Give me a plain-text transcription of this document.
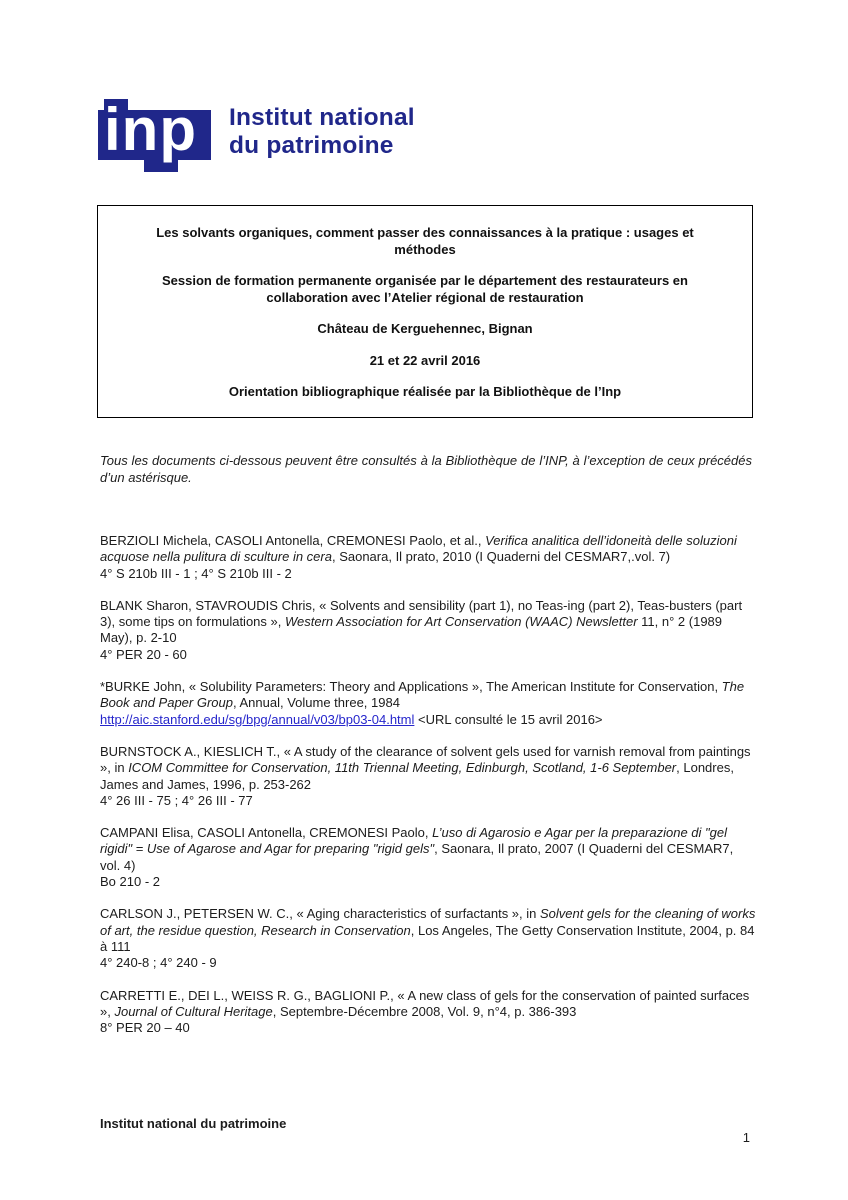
inp Institut national
du patrimoine

Les solvants organiques, comment passer des connaissances à la pratique : usages et méthodes

Session de formation permanente organisée par le département des restaurateurs en collaboration avec l’Atelier régional de restauration

Château de Kerguehennec, Bignan

21 et 22 avril 2016

Orientation bibliographique réalisée par la Bibliothèque de l’Inp

Tous les documents ci-dessous peuvent être consultés à la Bibliothèque de l’INP, à l’exception de ceux précédés d’un astérisque.
BERZIOLI Michela, CASOLI Antonella, CREMONESI Paolo, et al., Verifica analitica dell’idoneità delle soluzioni acquose nella pulitura di sculture in cera, Saonara, Il prato, 2010 (I Quaderni del CESMAR7,.vol. 7)
4° S 210b III - 1 ; 4° S 210b III - 2
BLANK Sharon, STAVROUDIS Chris, « Solvents and sensibility (part 1), no Teas-ing (part 2), Teas-busters (part 3), some tips on formulations », Western Association for Art Conservation (WAAC) Newsletter 11, n° 2 (1989 May), p. 2-10
4° PER 20 - 60
*BURKE John, « Solubility Parameters: Theory and Applications », The American Institute for Conservation, The Book and Paper Group, Annual, Volume three, 1984
http://aic.stanford.edu/sg/bpg/annual/v03/bp03-04.html <URL consulté le 15 avril 2016>
BURNSTOCK A., KIESLICH T., « A study of the clearance of solvent gels used for varnish removal from paintings », in ICOM Committee for Conservation, 11th Triennal Meeting, Edinburgh, Scotland, 1-6 September, Londres, James and James, 1996, p. 253-262
4° 26 III - 75 ; 4° 26 III - 77
CAMPANI Elisa, CASOLI Antonella, CREMONESI Paolo, L’uso di Agarosio e Agar per la preparazione di "gel rigidi" = Use of Agarose and Agar for preparing "rigid gels", Saonara, Il prato, 2007 (I Quaderni del CESMAR7, vol. 4)
Bo 210 - 2
CARLSON J., PETERSEN W. C., « Aging characteristics of surfactants », in Solvent gels for the cleaning of works of art, the residue question, Research in Conservation, Los Angeles, The Getty Conservation Institute, 2004, p. 84 à 111
4° 240-8 ; 4° 240 - 9
CARRETTI E., DEI L., WEISS R. G., BAGLIONI P., « A new class of gels for the conservation of painted surfaces », Journal of Cultural Heritage, Septembre-Décembre 2008, Vol. 9, n°4, p. 386-393
8° PER 20 – 40
Institut national du patrimoine
1
